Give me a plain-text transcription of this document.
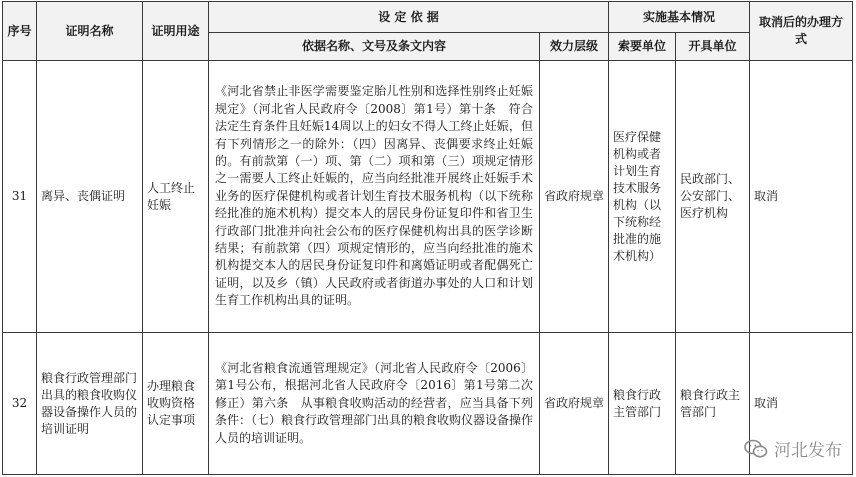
序号	证明名称	证明用途	设 定 依 据		实施基本情况		取消后的办理方式
			依据名称、文号及条文内容	效力层级	索要单位	开具单位	
31	离异、丧偶证明	人工终止妊娠	《河北省禁止非医学需要鉴定胎儿性别和选择性别终止妊娠规定》（河北省人民政府令〔2008〕第1号）第十条　符合法定生育条件且妊娠14周以上的妇女不得人工终止妊娠，但有下列情形之一的除外：（四）因离异、丧偶要求终止妊娠的。有前款第（一）项、第（二）项和第（三）项规定情形之一需要人工终止妊娠的，应当向经批准开展终止妊娠手术业务的医疗保健机构或者计划生育技术服务机构（以下统称经批准的施术机构）提交本人的居民身份证复印件和省卫生行政部门批准并向社会公布的医疗保健机构出具的医学诊断结果；有前款第（四）项规定情形的，应当向经批准的施术机构提交本人的居民身份证复印件和离婚证明或者配偶死亡证明，以及乡（镇）人民政府或者街道办事处的人口和计划生育工作机构出具的证明。	省政府规章	医疗保健机构或者计划生育技术服务机构（以下统称经批准的施术机构）	民政部门、公安部门、医疗机构	取消
32	粮食行政管理部门出具的粮食收购仪器设备操作人员的培训证明	办理粮食收购资格认定事项	《河北省粮食流通管理规定》（河北省人民政府令〔2006〕第1号公布，根据河北省人民政府令〔2016〕第1号第二次修正）第六条　从事粮食收购活动的经营者，应当具备下列条件：（七）粮食行政管理部门出具的粮食收购仪器设备操作人员的培训证明。	省政府规章	粮食行政主管部门	粮食行政主管部门	取消
河北发布
